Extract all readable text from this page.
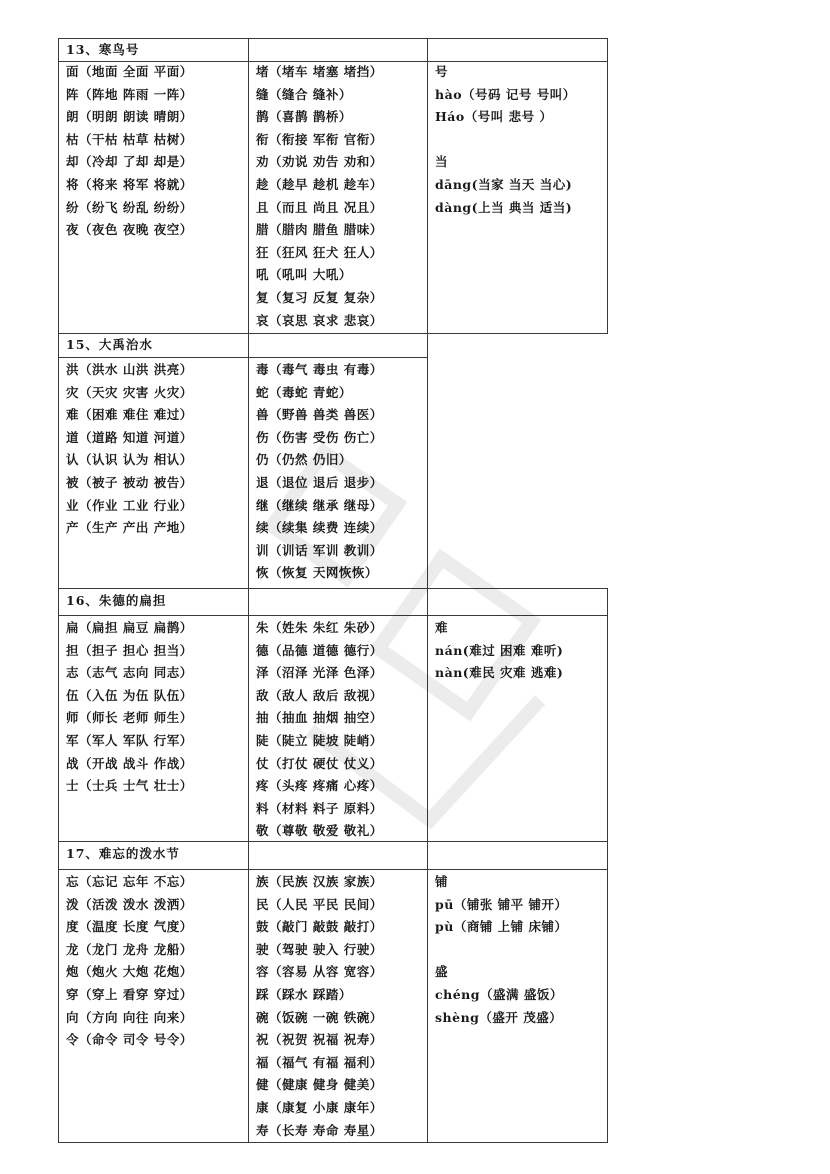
13、寒鸟号
15、大禹治水
16、朱德的扁担
17、难忘的泼水节
面（地面 全面 平面）
阵（阵地 阵雨 一阵）
朗（明朗 朗读 晴朗）
枯（干枯 枯草 枯树）
却（冷却 了却 却是）
将（将来 将军 将就）
纷（纷飞 纷乱 纷纷）
夜（夜色 夜晚 夜空）
堵（堵车 堵塞 堵挡）
缝（缝合 缝补）
鹊（喜鹊 鹊桥）
衔（衔接 军衔 官衔）
劝（劝说 劝告 劝和）
趁（趁早 趁机 趁车）
且（而且 尚且 况且）
腊（腊肉 腊鱼 腊味）
狂（狂风 狂犬 狂人）
吼（吼叫 大吼）
复（复习 反复 复杂）
哀（哀思 哀求 悲哀）
号
hào（号码 记号 号叫）
Háo（号叫 悲号 ）
当
dāng(当家 当天 当心)
dàng(上当 典当 适当)
洪（洪水 山洪 洪亮）
灾（天灾 灾害 火灾）
难（困难 难住 难过）
道（道路 知道 河道）
认（认识 认为 相认）
被（被子 被动 被告）
业（作业 工业 行业）
产（生产 产出 产地）
毒（毒气 毒虫 有毒）
蛇（毒蛇 青蛇）
兽（野兽 兽类 兽医）
伤（伤害 受伤 伤亡）
仍（仍然 仍旧）
退（退位 退后 退步）
继（继续 继承 继母）
续（续集 续费 连续）
训（训话 军训 教训）
恢（恢复 天网恢恢）
扁（扁担 扁豆 扁鹊）
担（担子 担心 担当）
志（志气 志向 同志）
伍（入伍 为伍 队伍）
师（师长 老师 师生）
军（军人 军队 行军）
战（开战 战斗 作战）
士（士兵 士气 壮士）
朱（姓朱 朱红 朱砂）
德（品德 道德 德行）
泽（沼泽 光泽 色泽）
敌（敌人 敌后 敌视）
抽（抽血 抽烟 抽空）
陡（陡立 陡坡 陡峭）
仗（打仗 硬仗 仗义）
疼（头疼 疼痛 心疼）
料（材料 料子 原料）
敬（尊敬 敬爱 敬礼）
难
nán(难过 困难 难听)
nàn(难民 灾难 逃难)
忘（忘记 忘年 不忘）
泼（活泼 泼水 泼洒）
度（温度 长度 气度）
龙（龙门 龙舟 龙船）
炮（炮火 大炮 花炮）
穿（穿上 看穿 穿过）
向（方向 向往 向来）
令（命令 司令 号令）
族（民族 汉族 家族）
民（人民 平民 民间）
鼓（敲门 敲鼓 敲打）
驶（驾驶 驶入 行驶）
容（容易 从容 宽容）
踩（踩水 踩踏）
碗（饭碗 一碗 铁碗）
祝（祝贺 祝福 祝寿）
福（福气 有福 福利）
健（健康 健身 健美）
康（康复 小康 康年）
寿（长寿 寿命 寿星）
铺
pū（铺张 铺平 铺开）
pù（商铺 上铺 床铺）
盛
chéng（盛满 盛饭）
shèng（盛开 茂盛）
